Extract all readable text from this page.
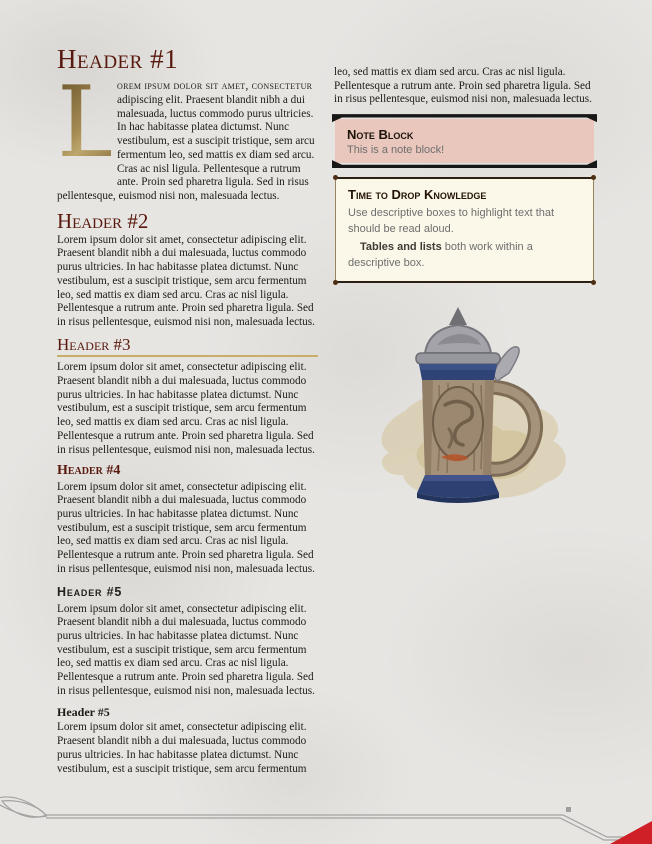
Header #1

L
orem ipsum dolor sit amet, consectetur adipiscing elit. Praesent blandit nibh a dui malesuada, luctus commodo purus ultricies. In hac habitasse platea dictumst. Nunc vestibulum, est a suscipit tristique, sem arcu fermentum leo, sed mattis ex diam sed arcu. Cras ac nisl ligula. Pellentesque a rutrum ante. Proin sed pharetra ligula. Sed in risus pellentesque, euismod nisi non, malesuada lectus.

Header #2

Lorem ipsum dolor sit amet, consectetur adipiscing elit. Praesent blandit nibh a dui malesuada, luctus commodo purus ultricies. In hac habitasse platea dictumst. Nunc vestibulum, est a suscipit tristique, sem arcu fermentum leo, sed mattis ex diam sed arcu. Cras ac nisl ligula. Pellentesque a rutrum ante. Proin sed pharetra ligula. Sed in risus pellentesque, euismod nisi non, malesuada lectus.

Header #3

Lorem ipsum dolor sit amet, consectetur adipiscing elit. Praesent blandit nibh a dui malesuada, luctus commodo purus ultricies. In hac habitasse platea dictumst. Nunc vestibulum, est a suscipit tristique, sem arcu fermentum leo, sed mattis ex diam sed arcu. Cras ac nisl ligula. Pellentesque a rutrum ante. Proin sed pharetra ligula. Sed in risus pellentesque, euismod nisi non, malesuada lectus.

Header #4

Lorem ipsum dolor sit amet, consectetur adipiscing elit. Praesent blandit nibh a dui malesuada, luctus commodo purus ultricies. In hac habitasse platea dictumst. Nunc vestibulum, est a suscipit tristique, sem arcu fermentum leo, sed mattis ex diam sed arcu. Cras ac nisl ligula. Pellentesque a rutrum ante. Proin sed pharetra ligula. Sed in risus pellentesque, euismod nisi non, malesuada lectus.

Header #5

Lorem ipsum dolor sit amet, consectetur adipiscing elit. Praesent blandit nibh a dui malesuada, luctus commodo purus ultricies. In hac habitasse platea dictumst. Nunc vestibulum, est a suscipit tristique, sem arcu fermentum leo, sed mattis ex diam sed arcu. Cras ac nisl ligula. Pellentesque a rutrum ante. Proin sed pharetra ligula. Sed in risus pellentesque, euismod nisi non, malesuada lectus.

Header #5

Lorem ipsum dolor sit amet, consectetur adipiscing elit. Praesent blandit nibh a dui malesuada, luctus commodo purus ultricies. In hac habitasse platea dictumst. Nunc vestibulum, est a suscipit tristique, sem arcu fermentum

leo, sed mattis ex diam sed arcu. Cras ac nisl ligula. Pellentesque a rutrum ante. Proin sed pharetra ligula. Sed in risus pellentesque, euismod nisi non, malesuada lectus.

Note Block
This is a note block!
Time to Drop Knowledge
Use descriptive boxes to highlight text that should be read aloud.
Tables and lists both work within a descriptive box.
